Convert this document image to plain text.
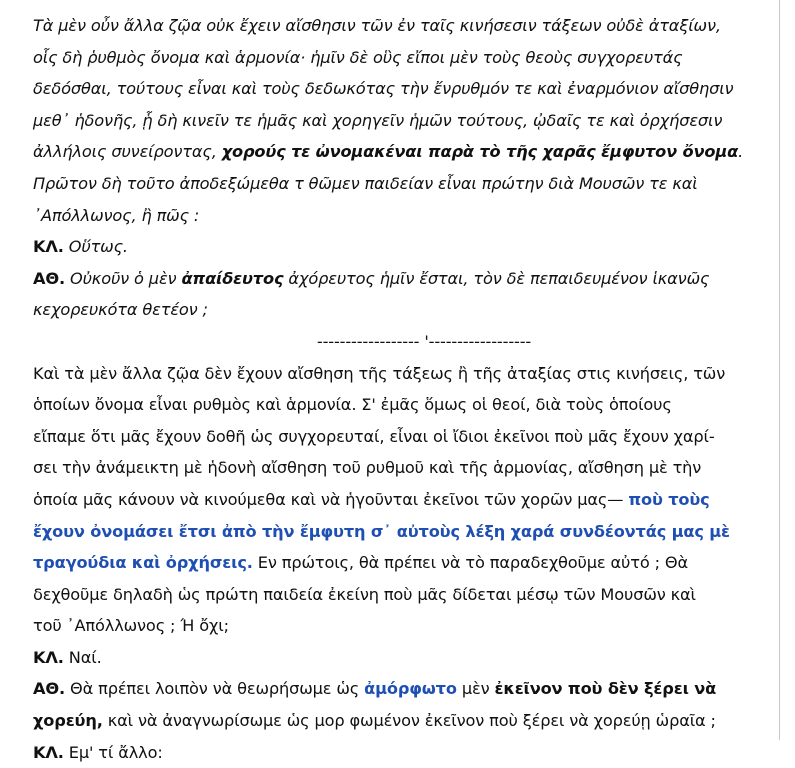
Τὰ μὲν οὖν ἄλλα ζῷα οὐκ ἔχειν αἴσθησιν τῶν ἐν ταῖς κινήσεσιν τάξεων οὐδὲ ἀταξίων,
οἷς δὴ ῥυθμὸς ὄνομα καὶ ἁρμονία· ἡμῖν δὲ οὓς εἴποι μὲν τοὺς θεοὺς συγχορευτάς
δεδόσθαι, τούτους εἶναι καὶ τοὺς δεδωκότας τὴν ἔνρυθμόν τε καὶ ἐναρμόνιον αἴσθησιν
μεθ᾽ ἡδονῆς, ᾗ δὴ κινεῖν τε ἡμᾶς καὶ χορηγεῖν ἡμῶν τούτους, ᾠδαῖς τε καὶ ὀρχήσεσιν
ἀλλήλοις συνείροντας, χορούς τε ὠνομακέναι παρὰ τὸ τῆς χαρᾶς ἔμφυτον ὄνομα.
Πρῶτον δὴ τοῦτο ἀποδεξώμεθα τ θῶμεν παιδείαν εἶναι πρώτην διὰ Μουσῶν τε καὶ
᾽Απόλλωνος, ἢ πῶς :
ΚΛ. Οὕτως.
ΑΘ. Οὐκοῦν ὁ μὲν ἀπαίδευτος ἀχόρευτος ἡμῖν ἔσται, τὸν δὲ πεπαιδευμένον ἱκανῶς
κεχορευκότα θετέον ;
------------------ '------------------
Καὶ τὰ μὲν ἄλλα ζῷα δὲν ἔχουν αἴσθηση τῆς τάξεως ἢ τῆς ἀταξίας στις κινήσεις, τῶν
ὁποίων ὄνομα εἶναι ρυθμὸς καὶ ἁρμονία. Σ' ἐμᾶς ὅμως οἱ θεοί, διὰ τοὺς ὁποίους
εἴπαμε ὅτι μᾶς ἔχουν δοθῆ ὡς συγχορευταί, εἶναι οἱ ἴδιοι ἐκεῖνοι ποὺ μᾶς ἔχουν χαρί-
σει τὴν ἀνάμεικτη μὲ ἡδονὴ αἴσθηση τοῦ ρυθμοῦ καὶ τῆς ἁρμονίας, αἴσθηση μὲ τὴν
ὁποία μᾶς κάνουν νὰ κινούμεθα καὶ νὰ ἡγοῦνται ἐκεῖνοι τῶν χορῶν μας— ποὺ τοὺς
ἔχουν ὀνομάσει ἔτσι ἀπὸ τὴν ἔμφυτη σ᾽ αὐτοὺς λέξη χαρά συνδέοντάς μας μὲ
τραγούδια καὶ ὀρχήσεις. Εν πρώτοις, θὰ πρέπει νὰ τὸ παραδεχθοῦμε αὐτό ; Θὰ
δεχθοῦμε δηλαδὴ ὡς πρώτη παιδεία ἐκείνη ποὺ μᾶς δίδεται μέσῳ τῶν Μουσῶν καὶ
τοῦ ᾽Απόλλωνος ; Ή ὄχι;
ΚΛ. Ναί.
ΑΘ. Θὰ πρέπει λοιπὸν νὰ θεωρήσωμε ὡς ἀμόρφωτο μὲν ἐκεῖνον ποὺ δὲν ξέρει νὰ
χορεύη, καὶ νὰ ἀναγνωρίσωμε ὡς μορ φωμένον ἐκεῖνον ποὺ ξέρει νὰ χορεύῃ ὡραῖα ;
ΚΛ. Εμ' τί ἄλλο:
